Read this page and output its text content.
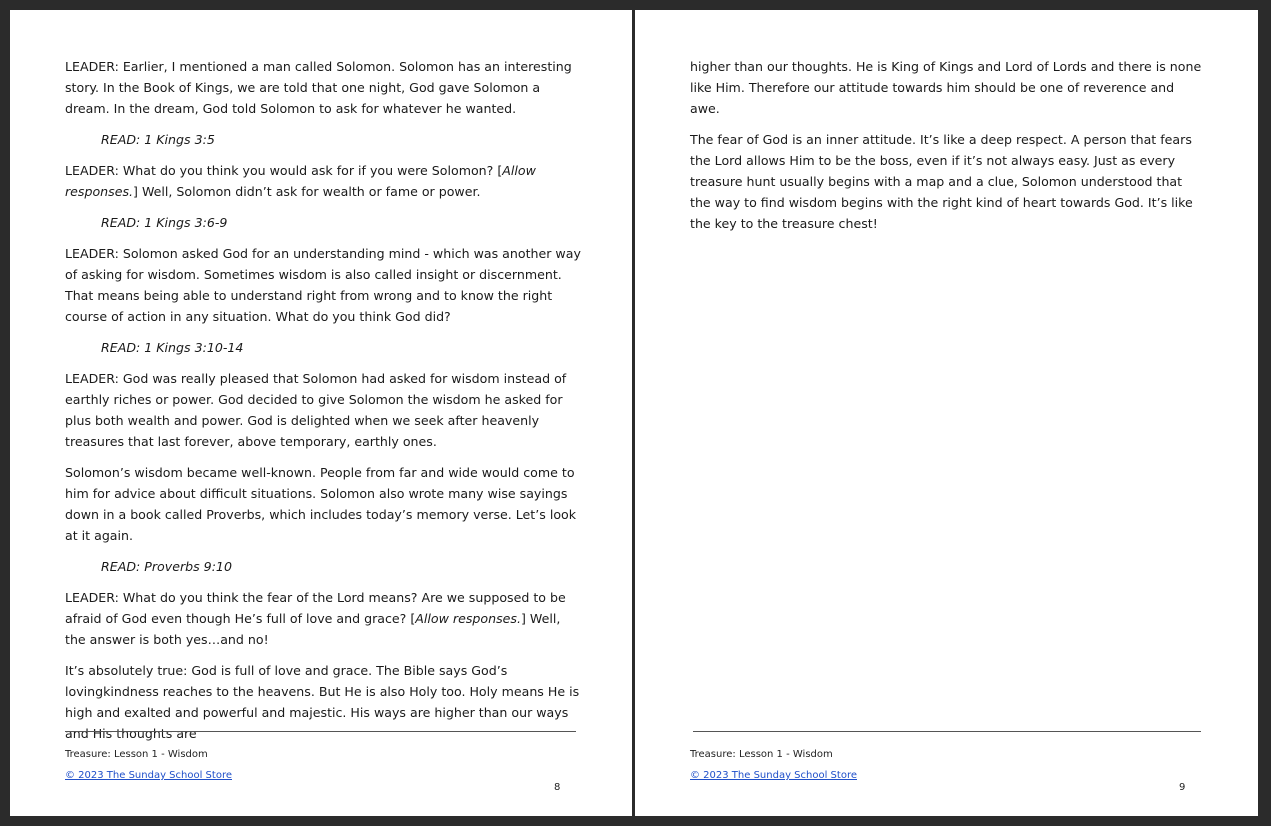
LEADER: Earlier, I mentioned a man called Solomon. Solomon has an interesting story. In the Book of Kings, we are told that one night, God gave Solomon a dream. In the dream, God told Solomon to ask for whatever he wanted.

READ: 1 Kings 3:5

LEADER: What do you think you would ask for if you were Solomon? [Allow responses.] Well, Solomon didn’t ask for wealth or fame or power.

READ: 1 Kings 3:6-9

LEADER: Solomon asked God for an understanding mind - which was another way of asking for wisdom. Sometimes wisdom is also called insight or discernment. That means being able to understand right from wrong and to know the right course of action in any situation. What do you think God did?

READ: 1 Kings 3:10-14

LEADER: God was really pleased that Solomon had asked for wisdom instead of earthly riches or power. God decided to give Solomon the wisdom he asked for plus both wealth and power. God is delighted when we seek after heavenly treasures that last forever, above temporary, earthly ones.

Solomon’s wisdom became well-known. People from far and wide would come to him for advice about difficult situations. Solomon also wrote many wise sayings down in a book called Proverbs, which includes today’s memory verse. Let’s look at it again.

READ: Proverbs 9:10

LEADER: What do you think the fear of the Lord means? Are we supposed to be afraid of God even though He’s full of love and grace? [Allow responses.] Well, the answer is both yes…and no!

It’s absolutely true: God is full of love and grace. The Bible says God’s lovingkindness reaches to the heavens. But He is also Holy too. Holy means He is high and exalted and powerful and majestic. His ways are higher than our ways and His thoughts are

Treasure: Lesson 1 - Wisdom
© 2023 The Sunday School Store
8

higher than our thoughts. He is King of Kings and Lord of Lords and there is none like Him. Therefore our attitude towards him should be one of reverence and awe.

The fear of God is an inner attitude. It’s like a deep respect. A person that fears the Lord allows Him to be the boss, even if it’s not always easy. Just as every treasure hunt usually begins with a map and a clue, Solomon understood that the way to find wisdom begins with the right kind of heart towards God. It’s like the key to the treasure chest!

Treasure: Lesson 1 - Wisdom
© 2023 The Sunday School Store
9
